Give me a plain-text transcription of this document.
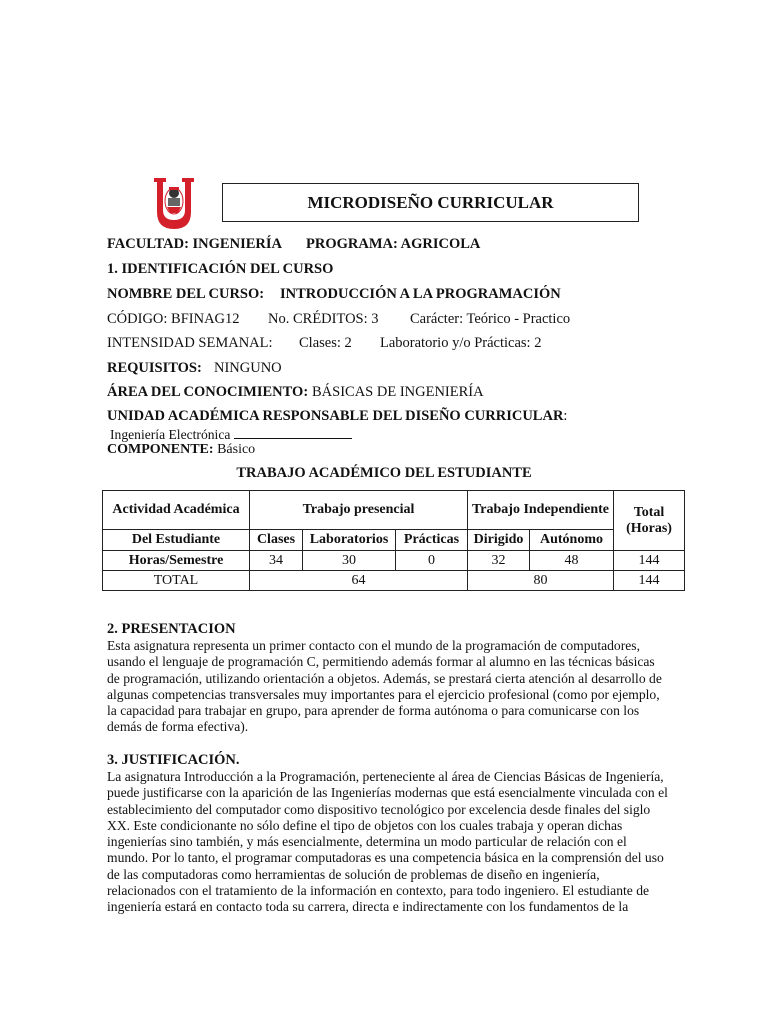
MICRODISEÑO CURRICULAR
FACULTAD: INGENIERÍA PROGRAMA: AGRICOLA
1. IDENTIFICACIÓN DEL CURSO
NOMBRE DEL CURSO: INTRODUCCIÓN A LA PROGRAMACIÓN
CÓDIGO: BFINAG12 No. CRÉDITOS: 3 Carácter: Teórico - Practico
INTENSIDAD SEMANAL: Clases: 2 Laboratorio y/o Prácticas: 2
REQUISITOS: NINGUNO
ÁREA DEL CONOCIMIENTO: BÁSICAS DE INGENIERÍA
UNIDAD ACADÉMICA RESPONSABLE DEL DISEÑO CURRICULAR:
Ingeniería Electrónica
COMPONENTE: Básico
TRABAJO ACADÉMICO DEL ESTUDIANTE
Actividad Académica	Trabajo presencial			Trabajo Independiente		Total (Horas)
Del Estudiante	Clases	Laboratorios	Prácticas	Dirigido	Autónomo	
Horas/Semestre	34	30	0	32	48	144
TOTAL	64			80		144
2. PRESENTACION
Esta asignatura representa un primer contacto con el mundo de la programación de computadores,
usando el lenguaje de programación C, permitiendo además formar al alumno en las técnicas básicas
de programación, utilizando orientación a objetos. Además, se prestará cierta atención al desarrollo de
algunas competencias transversales muy importantes para el ejercicio profesional (como por ejemplo,
la capacidad para trabajar en grupo, para aprender de forma autónoma o para comunicarse con los
demás de forma efectiva).
3. JUSTIFICACIÓN.
La asignatura Introducción a la Programación, perteneciente al área de Ciencias Básicas de Ingeniería,
puede justificarse con la aparición de las Ingenierías modernas que está esencialmente vinculada con el
establecimiento del computador como dispositivo tecnológico por excelencia desde finales del siglo
XX. Este condicionante no sólo define el tipo de objetos con los cuales trabaja y operan dichas
ingenierías sino también, y más esencialmente, determina un modo particular de relación con el
mundo. Por lo tanto, el programar computadoras es una competencia básica en la comprensión del uso
de las computadoras como herramientas de solución de problemas de diseño en ingeniería,
relacionados con el tratamiento de la información en contexto, para todo ingeniero. El estudiante de
ingeniería estará en contacto toda su carrera, directa e indirectamente con los fundamentos de la
